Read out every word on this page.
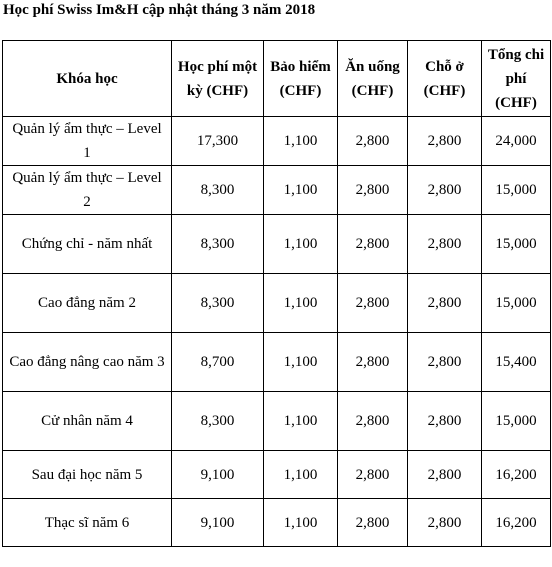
Học phí Swiss Im&H cập nhật tháng 3 năm 2018
Khóa học	Học phí một kỳ (CHF)	Bảo hiểm (CHF)	Ăn uống (CHF)	Chỗ ở (CHF)	Tổng chi phí (CHF)
Quản lý ẩm thực – Level 1	17,300	1,100	2,800	2,800	24,000
Quản lý ẩm thực – Level 2	8,300	1,100	2,800	2,800	15,000
Chứng chỉ - năm nhất	8,300	1,100	2,800	2,800	15,000
Cao đẳng năm 2	8,300	1,100	2,800	2,800	15,000
Cao đẳng nâng cao năm 3	8,700	1,100	2,800	2,800	15,400
Cử nhân năm 4	8,300	1,100	2,800	2,800	15,000
Sau đại học năm 5	9,100	1,100	2,800	2,800	16,200
Thạc sĩ năm 6	9,100	1,100	2,800	2,800	16,200
